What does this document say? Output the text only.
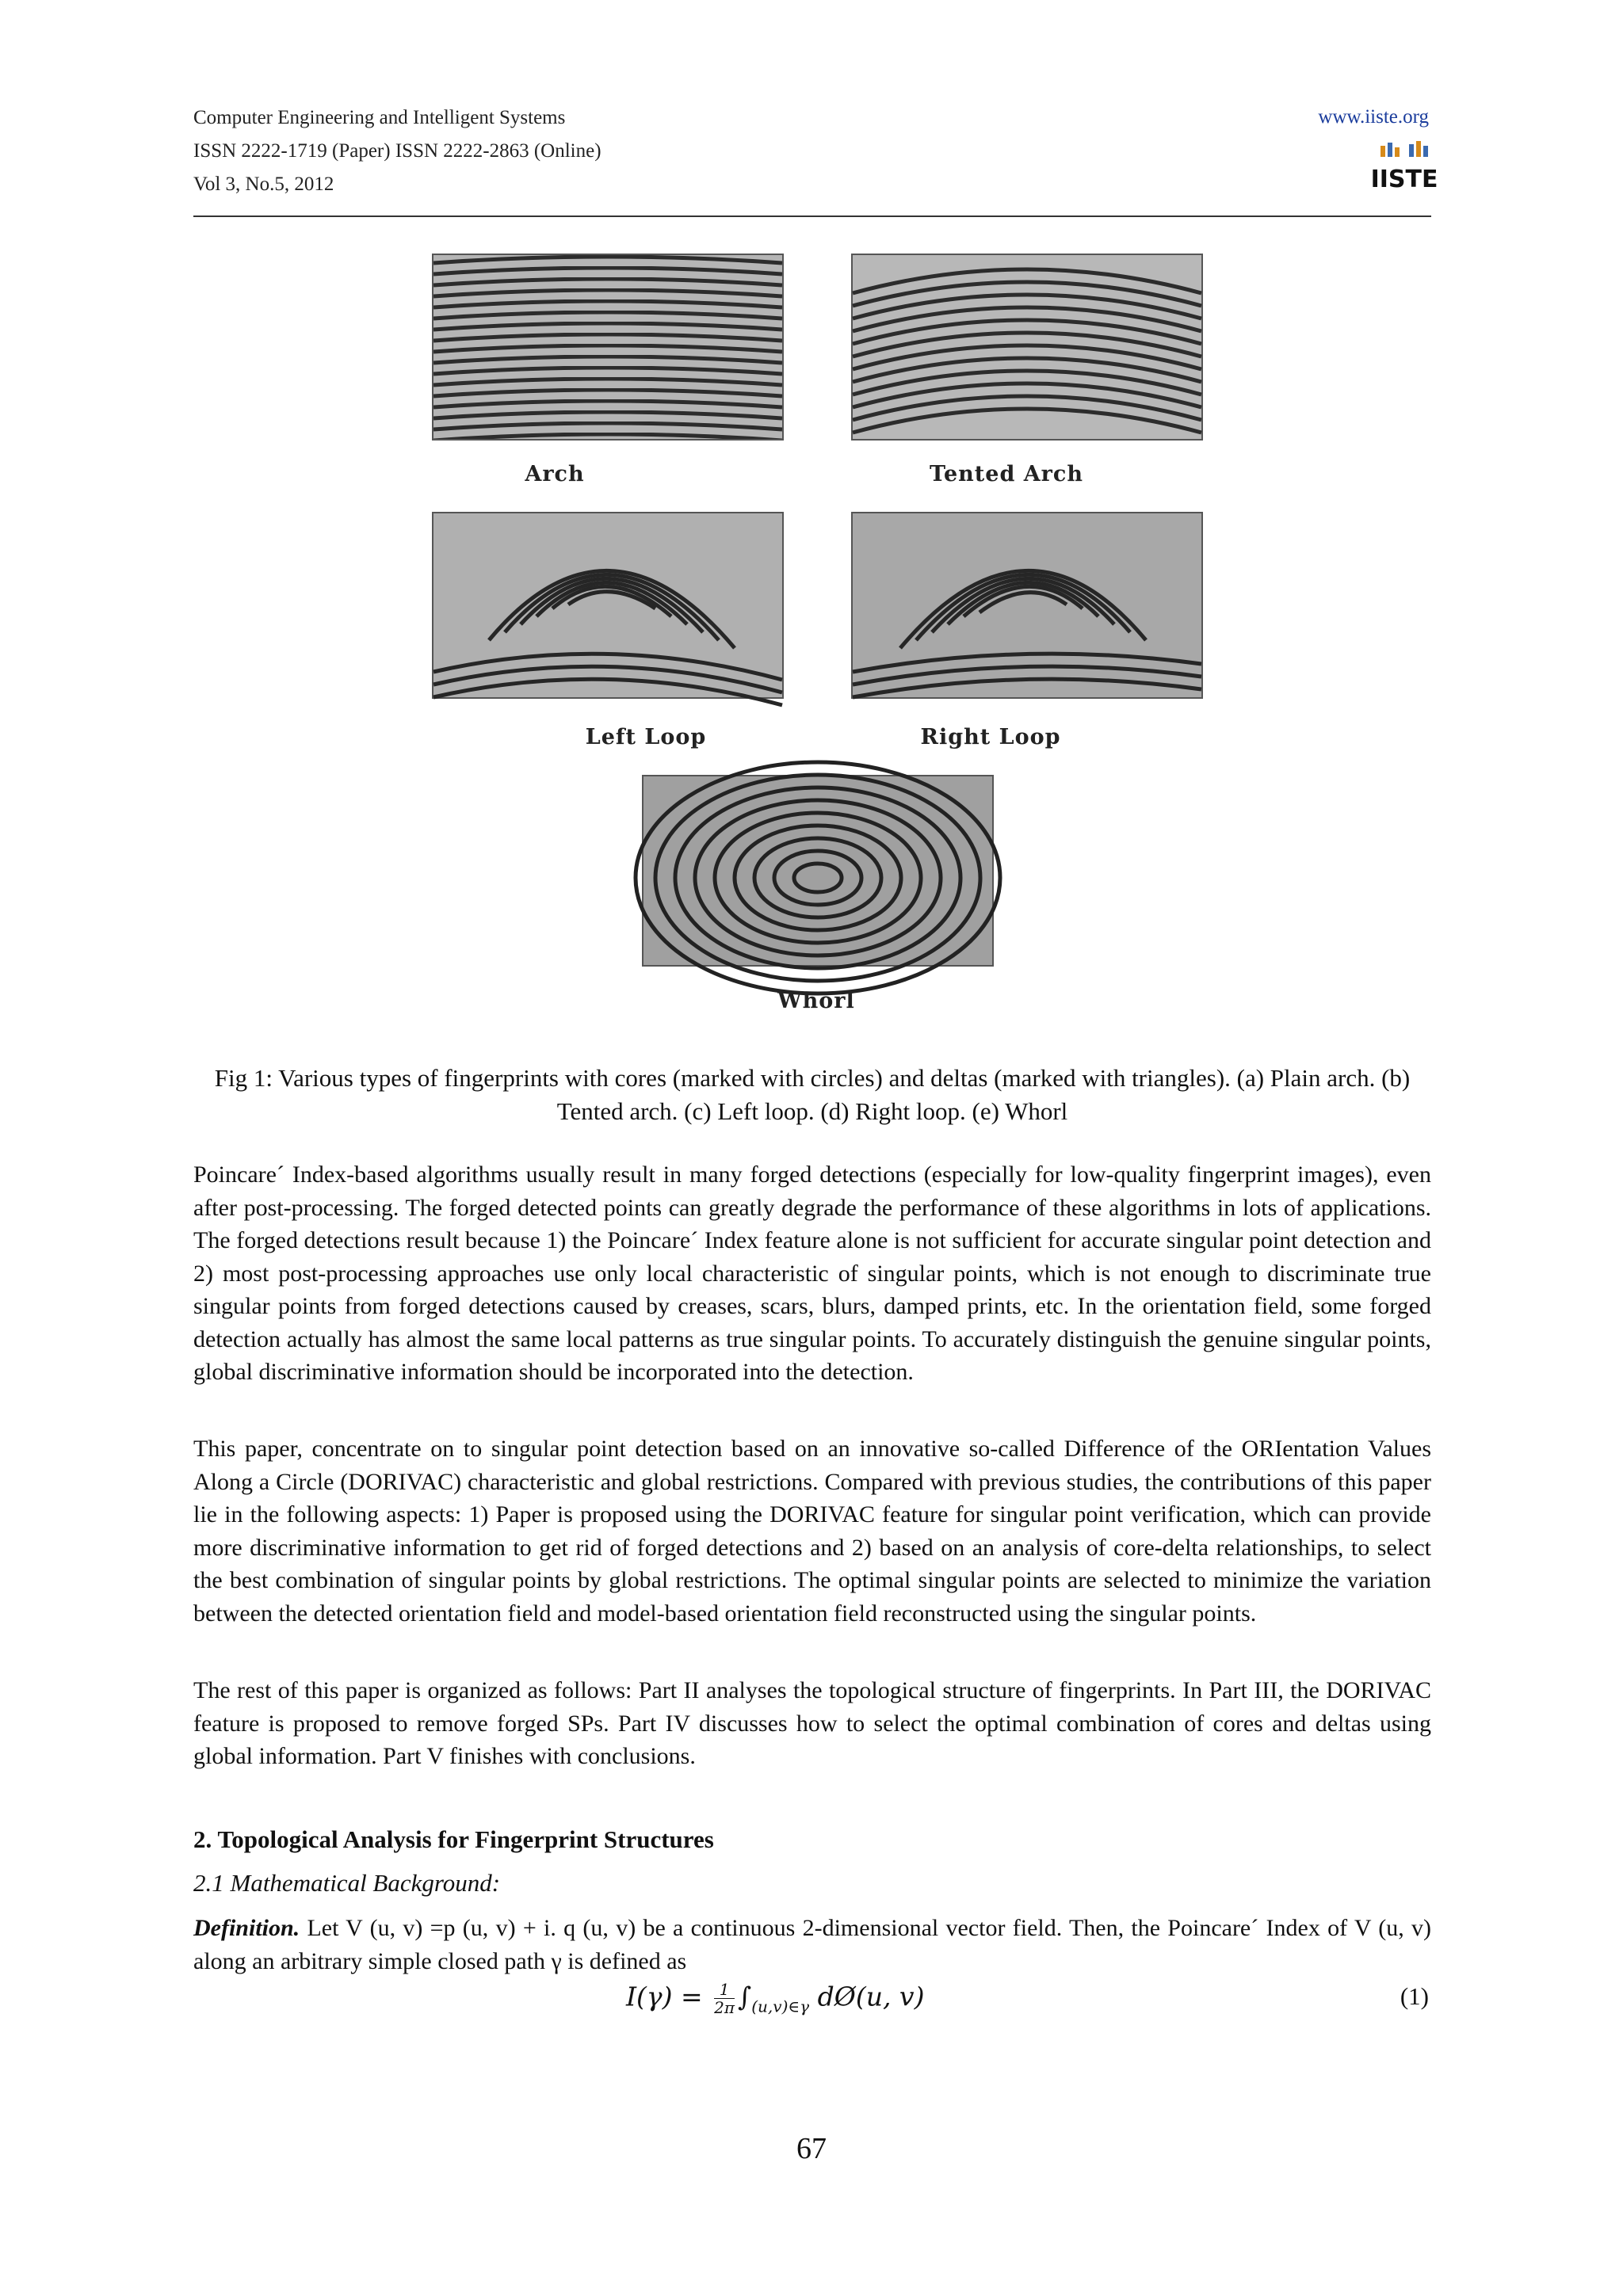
Computer Engineering and Intelligent Systems
ISSN 2222-1719 (Paper) ISSN 2222-2863 (Online)
Vol 3, No.5, 2012
www.iiste.org
IISTE
Arch	Tented Arch
Left Loop	Right Loop
Whorl
Fig 1: Various types of fingerprints with cores (marked with circles) and deltas (marked with triangles). (a) Plain arch. (b) Tented arch. (c) Left loop. (d) Right loop. (e) Whorl

Poincare´ Index-based algorithms usually result in many forged detections (especially for low-quality fingerprint images), even after post-processing. The forged detected points can greatly degrade the performance of these algorithms in lots of applications. The forged detections result because 1) the Poincare´ Index feature alone is not sufficient for accurate singular point detection and 2) most post-processing approaches use only local characteristic of singular points, which is not enough to discriminate true singular points from forged detections caused by creases, scars, blurs, damped prints, etc. In the orientation field, some forged detection actually has almost the same local patterns as true singular points. To accurately distinguish the genuine singular points, global discriminative information should be incorporated into the detection.

This paper, concentrate on to singular point detection based on an innovative so-called Difference of the ORIentation Values Along a Circle (DORIVAC) characteristic and global restrictions. Compared with previous studies, the contributions of this paper lie in the following aspects: 1) Paper is proposed using the DORIVAC feature for singular point verification, which can provide more discriminative information to get rid of forged detections and 2) based on an analysis of core-delta relationships, to select the best combination of singular points by global restrictions. The optimal singular points are selected to minimize the variation between the detected orientation field and model-based orientation field reconstructed using the singular points.

The rest of this paper is organized as follows: Part II analyses the topological structure of fingerprints. In Part III, the DORIVAC feature is proposed to remove forged SPs. Part IV discusses how to select the optimal combination of cores and deltas using global information. Part V finishes with conclusions.

2. Topological Analysis for Fingerprint Structures
2.1 Mathematical Background:
Definition. Let V (u, v) =p (u, v) + i. q (u, v) be a continuous 2-dimensional vector field. Then, the Poincare´ Index of V (u, v) along an arbitrary simple closed path γ is defined as
$I(\gamma) = \frac{1}{2\pi} \int_{(u,v)\in\gamma}$ dØ(u, v)	(1)
67
